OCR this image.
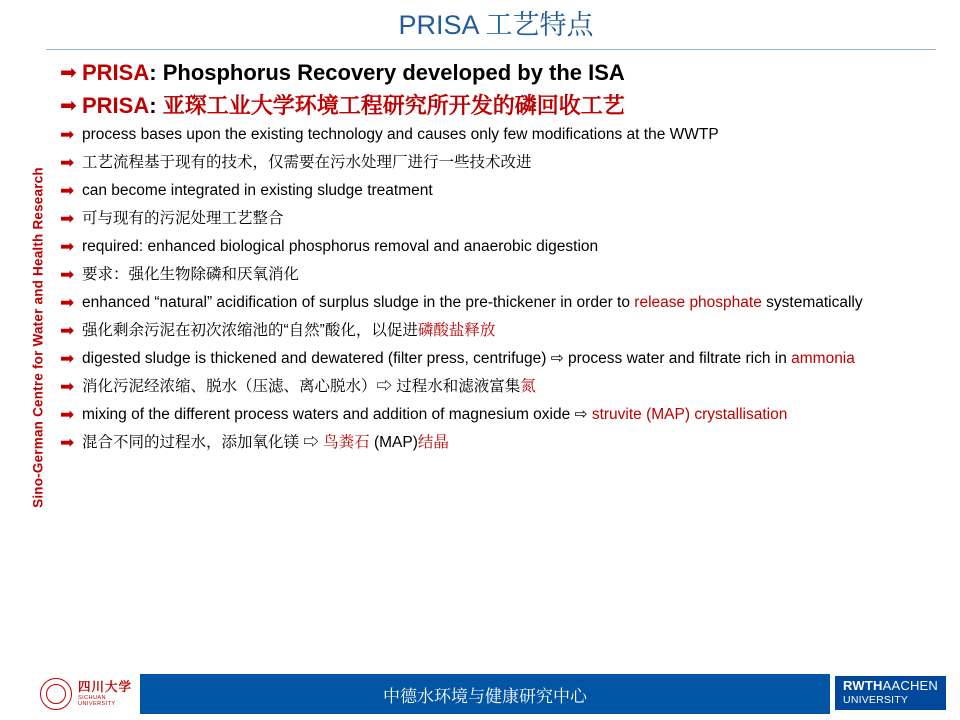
Sino-German Centre for Water and Health Research
PRISA 工艺特点
➡ PRISA: Phosphorus Recovery developed by the ISA
➡ PRISA: 亚琛工业大学环境工程研究所开发的磷回收工艺
➡ process bases upon the existing technology and causes only few modifications at the WWTP
➡ 工艺流程基于现有的技术，仅需要在污水处理厂进行一些技术改进
➡ can become integrated in existing sludge treatment
➡ 可与现有的污泥处理工艺整合
➡ required: enhanced biological phosphorus removal and anaerobic digestion
➡ 要求：强化生物除磷和厌氧消化
➡ enhanced “natural” acidification of surplus sludge in the pre-thickener in order to release phosphate systematically
➡ 强化剩余污泥在初次浓缩池的“自然”酸化，以促进磷酸盐释放
➡ digested sludge is thickened and dewatered (filter press, centrifuge) ⇨ process water and filtrate rich in ammonia
➡ 消化污泥经浓缩、脱水（压滤、离心脱水）⇨ 过程水和滤液富集氮
➡ mixing of the different process waters and addition of magnesium oxide ⇨ struvite (MAP) crystallisation
➡ 混合不同的过程水，添加氧化镁 ⇨ 鸟粪石 (MAP)结晶
四川大学
SICHUAN UNIVERSITY	中德水环境与健康研究中心
RWTHAACHEN
UNIVERSITY
